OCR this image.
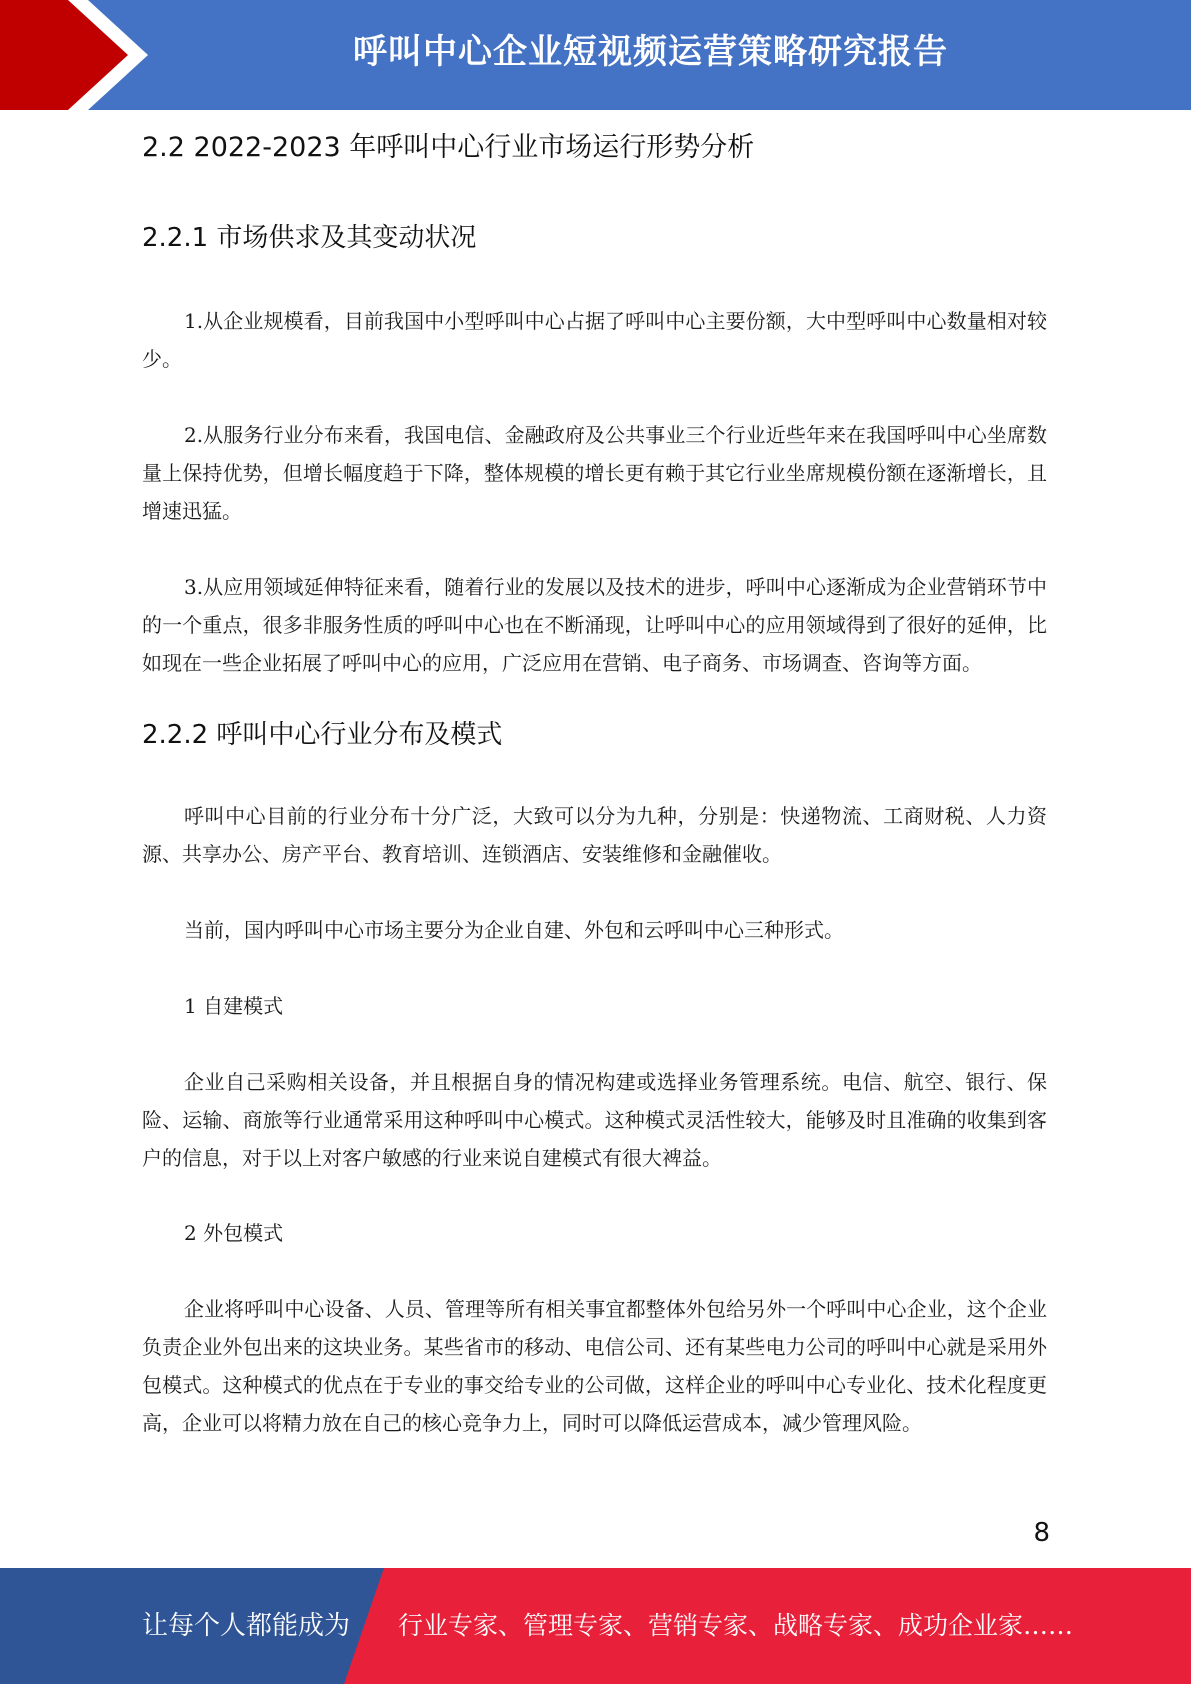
呼叫中心企业短视频运营策略研究报告
2.2 2022-2023 年呼叫中心行业市场运行形势分析
2.2.1 市场供求及其变动状况

1.从企业规模看，目前我国中小型呼叫中心占据了呼叫中心主要份额，大中型呼叫中心数量相对较少。

2.从服务行业分布来看，我国电信、金融政府及公共事业三个行业近些年来在我国呼叫中心坐席数量上保持优势，但增长幅度趋于下降，整体规模的增长更有赖于其它行业坐席规模份额在逐渐增长，且增速迅猛。

3.从应用领域延伸特征来看，随着行业的发展以及技术的进步，呼叫中心逐渐成为企业营销环节中的一个重点，很多非服务性质的呼叫中心也在不断涌现，让呼叫中心的应用领域得到了很好的延伸，比如现在一些企业拓展了呼叫中心的应用，广泛应用在营销、电子商务、市场调查、咨询等方面。

2.2.2 呼叫中心行业分布及模式

呼叫中心目前的行业分布十分广泛，大致可以分为九种，分别是：快递物流、工商财税、人力资源、共享办公、房产平台、教育培训、连锁酒店、安装维修和金融催收。

当前，国内呼叫中心市场主要分为企业自建、外包和云呼叫中心三种形式。

1 自建模式

企业自己采购相关设备，并且根据自身的情况构建或选择业务管理系统。电信、航空、银行、保险、运输、商旅等行业通常采用这种呼叫中心模式。这种模式灵活性较大，能够及时且准确的收集到客户的信息，对于以上对客户敏感的行业来说自建模式有很大裨益。

2 外包模式

企业将呼叫中心设备、人员、管理等所有相关事宜都整体外包给另外一个呼叫中心企业，这个企业负责企业外包出来的这块业务。某些省市的移动、电信公司、还有某些电力公司的呼叫中心就是采用外包模式。这种模式的优点在于专业的事交给专业的公司做，这样企业的呼叫中心专业化、技术化程度更高，企业可以将精力放在自己的核心竞争力上，同时可以降低运营成本，减少管理风险。

8
让每个人都能成为 行业专家、管理专家、营销专家、战略专家、成功企业家……
